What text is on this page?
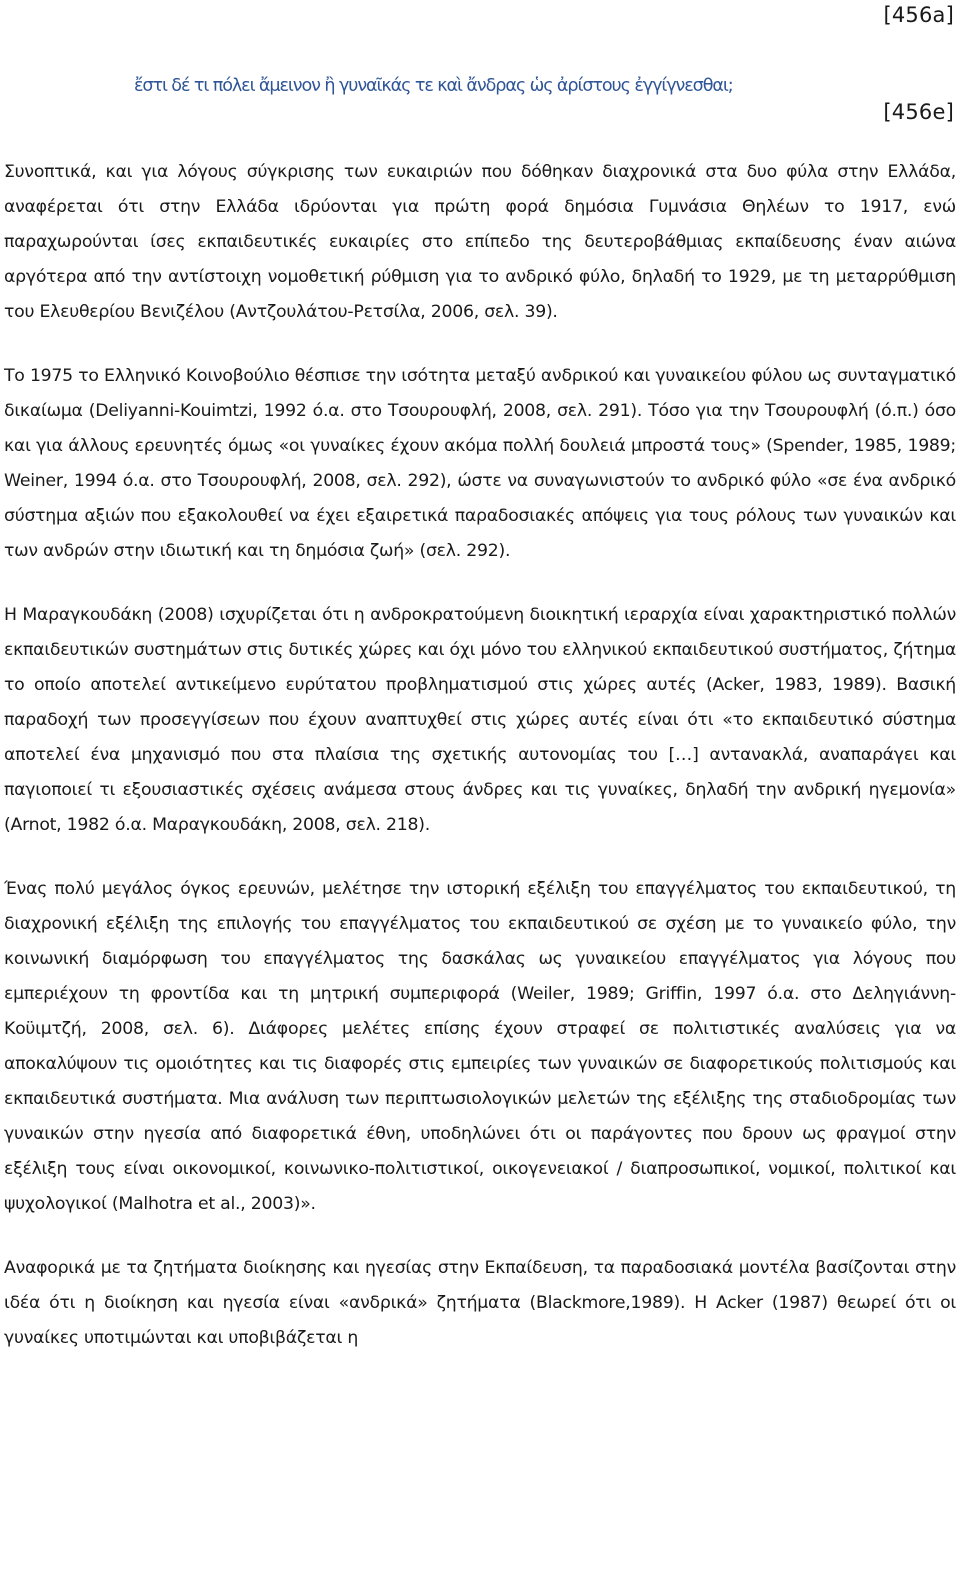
[456a]
ἔστι δέ τι πόλει ἄμεινον ἢ γυναῖκάς τε καὶ ἄνδρας ὡς ἀρίστους ἐγγίγνεσθαι;
[456e]

Συνοπτικά, και για λόγους σύγκρισης των ευκαιριών που δόθηκαν διαχρονικά στα δυο φύλα στην Ελλάδα, αναφέρεται ότι στην Ελλάδα ιδρύονται για πρώτη φορά δημόσια Γυμνάσια Θηλέων το 1917, ενώ παραχωρούνται ίσες εκπαιδευτικές ευκαιρίες στο επίπεδο της δευτεροβάθμιας εκπαίδευσης έναν αιώνα αργότερα από την αντίστοιχη νομοθετική ρύθμιση για το ανδρικό φύλο, δηλαδή το 1929, με τη μεταρρύθμιση του Ελευθερίου Βενιζέλου (Αντζουλάτου-Ρετσίλα, 2006, σελ. 39).

Το 1975 το Ελληνικό Κοινοβούλιο θέσπισε την ισότητα μεταξύ ανδρικού και γυναικείου φύλου ως συνταγματικό δικαίωμα (Deliyanni-Kouimtzi, 1992 ό.α. στο Τσουρουφλή, 2008, σελ. 291). Τόσο για την Τσουρουφλή (ό.π.) όσο και για άλλους ερευνητές όμως «οι γυναίκες έχουν ακόμα πολλή δουλειά μπροστά τους» (Spender, 1985, 1989; Weiner, 1994 ό.α. στο Τσουρουφλή, 2008, σελ. 292), ώστε να συναγωνιστούν το ανδρικό φύλο «σε ένα ανδρικό σύστημα αξιών που εξακολουθεί να έχει εξαιρετικά παραδοσιακές απόψεις για τους ρόλους των γυναικών και των ανδρών στην ιδιωτική και τη δημόσια ζωή» (σελ. 292).

Η Μαραγκουδάκη (2008) ισχυρίζεται ότι η ανδροκρατούμενη διοικητική ιεραρχία είναι χαρακτηριστικό πολλών εκπαιδευτικών συστημάτων στις δυτικές χώρες και όχι μόνο του ελληνικού εκπαιδευτικού συστήματος, ζήτημα το οποίο αποτελεί αντικείμενο ευρύτατου προβληματισμού στις χώρες αυτές (Acker, 1983, 1989). Βασική παραδοχή των προσεγγίσεων που έχουν αναπτυχθεί στις χώρες αυτές είναι ότι «το εκπαιδευτικό σύστημα αποτελεί ένα μηχανισμό που στα πλαίσια της σχετικής αυτονομίας του […] αντανακλά, αναπαράγει και παγιοποιεί τι εξουσιαστικές σχέσεις ανάμεσα στους άνδρες και τις γυναίκες, δηλαδή την ανδρική ηγεμονία» (Arnot, 1982 ό.α. Μαραγκουδάκη, 2008, σελ. 218).

Ένας πολύ μεγάλος όγκος ερευνών, μελέτησε την ιστορική εξέλιξη του επαγγέλματος του εκπαιδευτικού, τη διαχρονική εξέλιξη της επιλογής του επαγγέλματος του εκπαιδευτικού σε σχέση με το γυναικείο φύλο, την κοινωνική διαμόρφωση του επαγγέλματος της δασκάλας ως γυναικείου επαγγέλματος για λόγους που εμπεριέχουν τη φροντίδα και τη μητρική συμπεριφορά (Weiler, 1989; Griffin, 1997 ό.α. στο Δεληγιάννη-Κοϋιμτζή, 2008, σελ. 6). Διάφορες μελέτες επίσης έχουν στραφεί σε πολιτιστικές αναλύσεις για να αποκαλύψουν τις ομοιότητες και τις διαφορές στις εμπειρίες των γυναικών σε διαφορετικούς πολιτισμούς και εκπαιδευτικά συστήματα. Μια ανάλυση των περιπτωσιολογικών μελετών της εξέλιξης της σταδιοδρομίας των γυναικών στην ηγεσία από διαφορετικά έθνη, υποδηλώνει ότι οι παράγοντες που δρουν ως φραγμοί στην εξέλιξη τους είναι οικονομικοί, κοινωνικο-πολιτιστικοί, οικογενειακοί / διαπροσωπικοί, νομικοί, πολιτικοί και ψυχολογικοί (Malhotra et al., 2003)».

Αναφορικά με τα ζητήματα διοίκησης και ηγεσίας στην Εκπαίδευση, τα παραδοσιακά μοντέλα βασίζονται στην ιδέα ότι η διοίκηση και ηγεσία είναι «ανδρικά» ζητήματα (Blackmore,1989). Η Acker (1987) θεωρεί ότι οι γυναίκες υποτιμώνται και υποβιβάζεται η
